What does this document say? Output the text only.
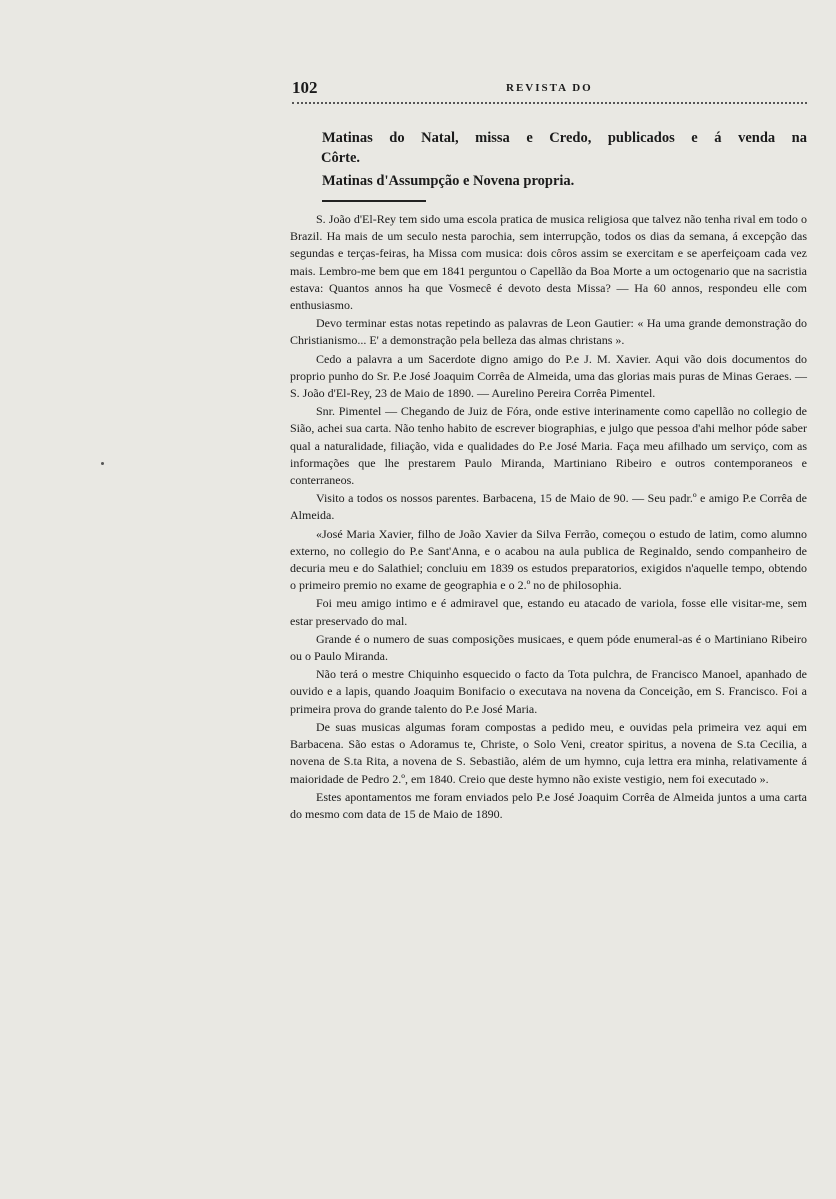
102	REVISTA DO
Matinas do Natal, missa e Credo, publicados e á venda na
Côrte.
Matinas d'Assumpção e Novena propria.

S. João d'El-Rey tem sido uma escola pratica de musica religiosa que talvez não tenha rival em todo o Brazil. Ha mais de um seculo nesta parochia, sem interrupção, todos os dias da semana, á excepção das segundas e terças-feiras, ha Missa com musica: dois côros assim se exercitam e se aperfeiçoam cada vez mais. Lembro-me bem que em 1841 perguntou o Capellão da Boa Morte a um octogenario que na sacristia estava: Quantos annos ha que Vosmecê é devoto desta Missa? — Ha 60 annos, respondeu elle com enthusiasmo.

Devo terminar estas notas repetindo as palavras de Leon Gautier: « Ha uma grande demonstração do Christianismo... E' a demonstração pela belleza das almas christans ».

Cedo a palavra a um Sacerdote digno amigo do P.e J. M. Xavier. Aqui vão dois documentos do proprio punho do Sr. P.e José Joaquim Corrêa de Almeida, uma das glorias mais puras de Minas Geraes. — S. João d'El-Rey, 23 de Maio de 1890. — Aurelino Pereira Corrêa Pimentel.

Snr. Pimentel — Chegando de Juiz de Fóra, onde estive interinamente como capellão no collegio de Sião, achei sua carta. Não tenho habito de escrever biographias, e julgo que pessoa d'ahi melhor póde saber qual a naturalidade, filiação, vida e qualidades do P.e José Maria. Faça meu afilhado um serviço, com as informações que lhe prestarem Paulo Miranda, Martiniano Ribeiro e outros contemporaneos e conterraneos.

Visito a todos os nossos parentes. Barbacena, 15 de Maio de 90. — Seu padr.º e amigo P.e Corrêa de Almeida.

«José Maria Xavier, filho de João Xavier da Silva Ferrão, começou o estudo de latim, como alumno externo, no collegio do P.e Sant'Anna, e o acabou na aula publica de Reginaldo, sendo companheiro de decuria meu e do Salathiel; concluiu em 1839 os estudos preparatorios, exigidos n'aquelle tempo, obtendo o primeiro premio no exame de geographia e o 2.º no de philosophia.

Foi meu amigo intimo e é admiravel que, estando eu atacado de variola, fosse elle visitar-me, sem estar preservado do mal.

Grande é o numero de suas composições musicaes, e quem póde enumeral-as é o Martiniano Ribeiro ou o Paulo Miranda.

Não terá o mestre Chiquinho esquecido o facto da Tota pulchra, de Francisco Manoel, apanhado de ouvido e a lapis, quando Joaquim Bonifacio o executava na novena da Conceição, em S. Francisco. Foi a primeira prova do grande talento do P.e José Maria.

De suas musicas algumas foram compostas a pedido meu, e ouvidas pela primeira vez aqui em Barbacena. São estas o Adoramus te, Christe, o Solo Veni, creator spiritus, a novena de S.ta Cecilia, a novena de S.ta Rita, a novena de S. Sebastião, além de um hymno, cuja lettra era minha, relativamente á maioridade de Pedro 2.º, em 1840. Creio que deste hymno não existe vestigio, nem foi executado ».

Estes apontamentos me foram enviados pelo P.e José Joaquim Corrêa de Almeida juntos a uma carta do mesmo com data de 15 de Maio de 1890.
